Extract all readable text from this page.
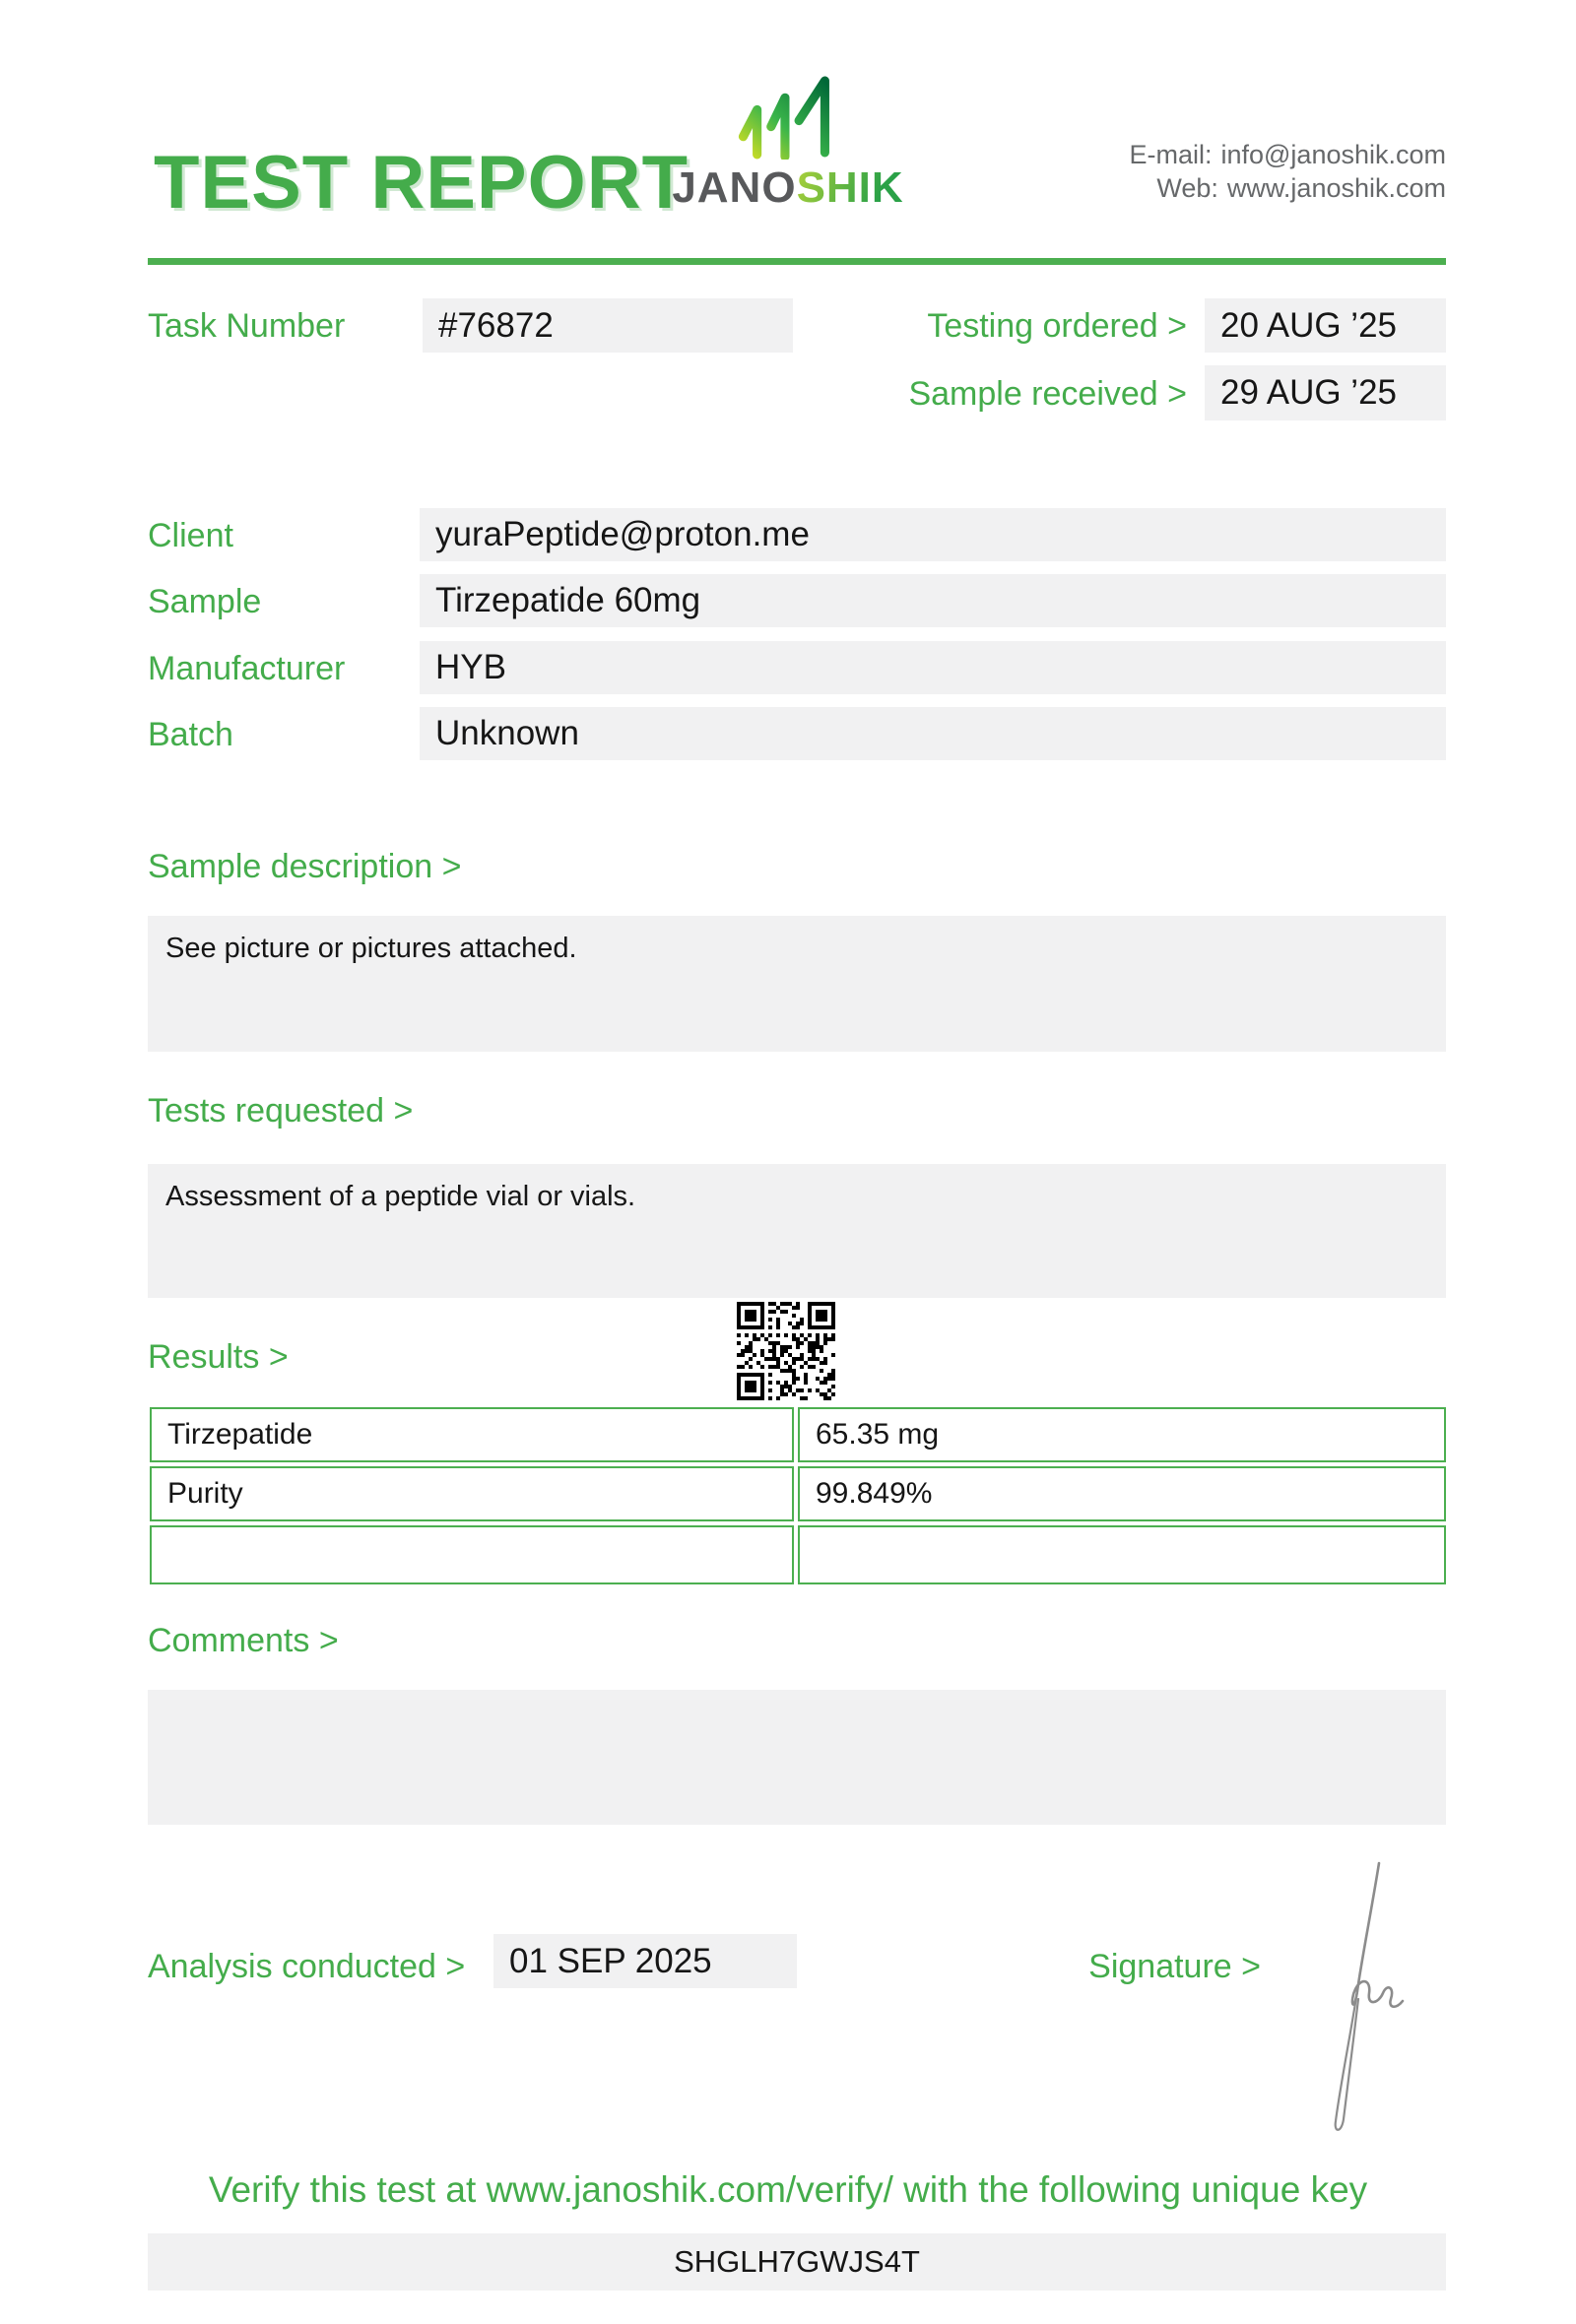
TEST REPORT
JANOSHIK
E-mail: info@janoshik.com
Web: www.janoshik.com
Task Number	#76872	Testing ordered > 20 AUG ’25
Sample received > 29 AUG ’25
Client	yuraPeptide@proton.me
Sample	Tirzepatide 60mg
Manufacturer	HYB
Batch	Unknown
Sample description >
See picture or pictures attached.
Tests requested >
Assessment of a peptide vial or vials.
Results >
Tirzepatide	65.35 mg
Purity	99.849%
Comments >
Analysis conducted >	01 SEP 2025	Signature >
Verify this test at www.janoshik.com/verify/ with the following unique key
SHGLH7GWJS4T
